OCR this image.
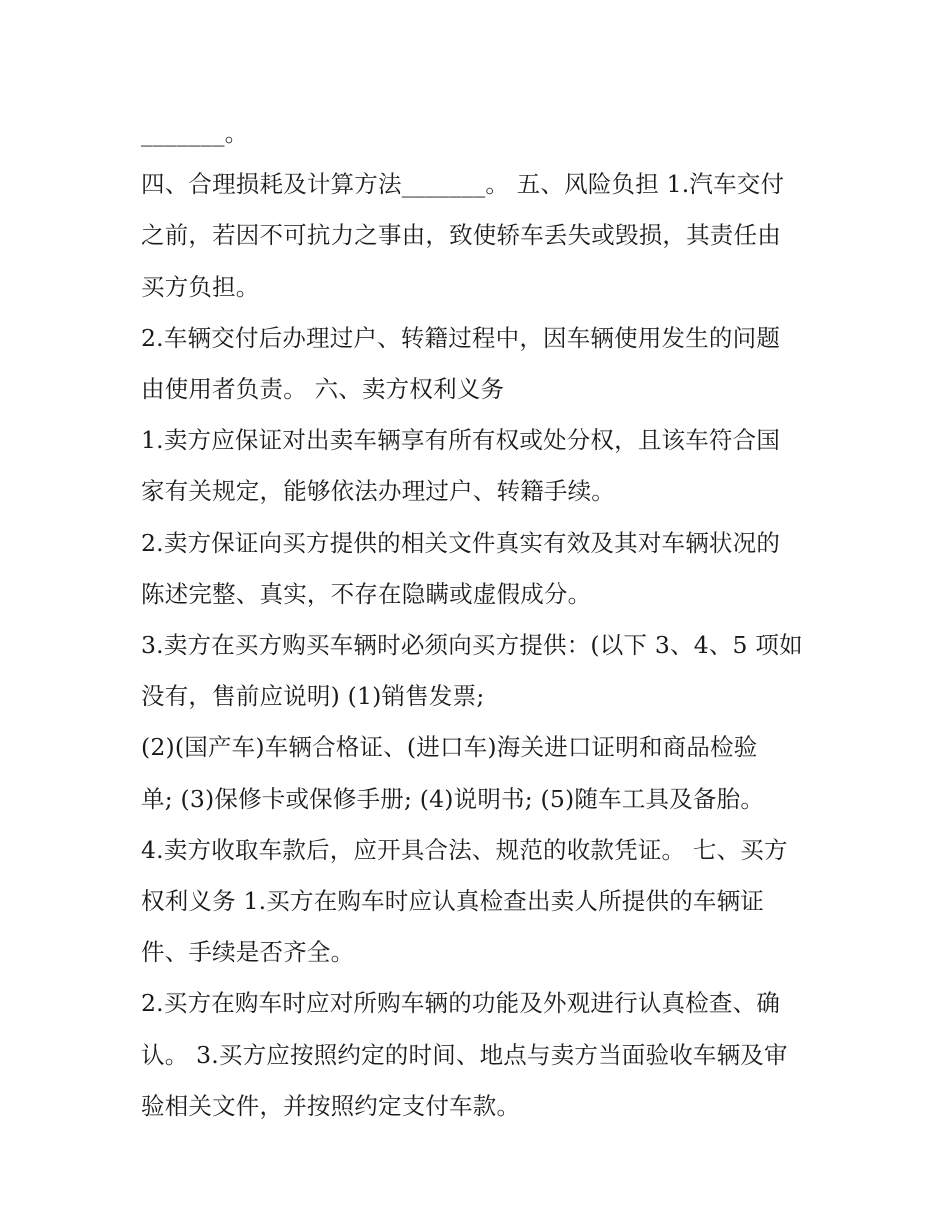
_______。

四、合理损耗及计算方法_______。 五、风险负担 1.汽车交付

之前，若因不可抗力之事由，致使轿车丢失或毁损，其责任由

买方负担。

2.车辆交付后办理过户、转籍过程中，因车辆使用发生的问题

由使用者负责。 六、卖方权利义务

1.卖方应保证对出卖车辆享有所有权或处分权，且该车符合国

家有关规定，能够依法办理过户、转籍手续。

2.卖方保证向买方提供的相关文件真实有效及其对车辆状况的

陈述完整、真实，不存在隐瞒或虚假成分。

3.卖方在买方购买车辆时必须向买方提供：(以下 3、4、5 项如

没有，售前应说明) (1)销售发票;

(2)(国产车)车辆合格证、(进口车)海关进口证明和商品检验

单; (3)保修卡或保修手册; (4)说明书; (5)随车工具及备胎。

4.卖方收取车款后，应开具合法、规范的收款凭证。 七、买方

权利义务 1.买方在购车时应认真检查出卖人所提供的车辆证

件、手续是否齐全。

2.买方在购车时应对所购车辆的功能及外观进行认真检查、确

认。 3.买方应按照约定的时间、地点与卖方当面验收车辆及审

验相关文件，并按照约定支付车款。
